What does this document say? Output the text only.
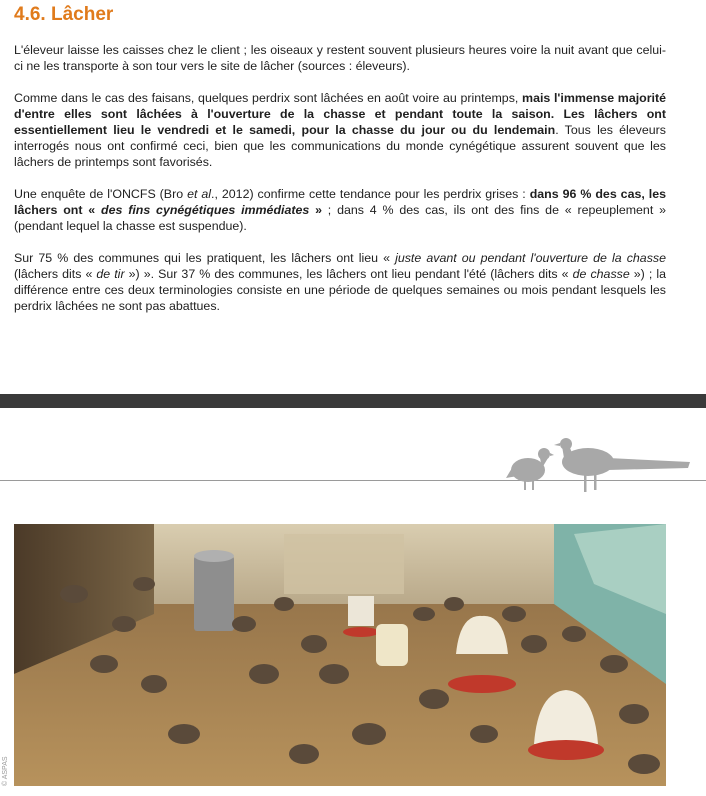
4.6. Lâcher

L'éleveur laisse les caisses chez le client ; les oiseaux y restent souvent plusieurs heures voire la nuit avant que celui-ci ne les transporte à son tour vers le site de lâcher (sources : éleveurs).

Comme dans le cas des faisans, quelques perdrix sont lâchées en août voire au printemps, mais l'immense majorité d'entre elles sont lâchées à l'ouverture de la chasse et pendant toute la saison. Les lâchers ont essentiellement lieu le vendredi et le samedi, pour la chasse du jour ou du lendemain. Tous les éleveurs interrogés nous ont confirmé ceci, bien que les communications du monde cynégétique assurent souvent que les lâchers de printemps sont favorisés.

Une enquête de l'ONCFS (Bro et al., 2012) confirme cette tendance pour les perdrix grises : dans 96 % des cas, les lâchers ont « des fins cynégétiques immédiates » ; dans 4 % des cas, ils ont des fins de « repeuplement » (pendant lequel la chasse est suspendue).

Sur 75 % des communes qui les pratiquent, les lâchers ont lieu « juste avant ou pendant l'ouverture de la chasse (lâchers dits « de tir ») ». Sur 37 % des communes, les lâchers ont lieu pendant l'été (lâchers dits « de chasse ») ; la différence entre ces deux terminologies consiste en une période de quelques semaines ou mois pendant lesquels les perdrix lâchées ne sont pas abattues.

© ASPAS
